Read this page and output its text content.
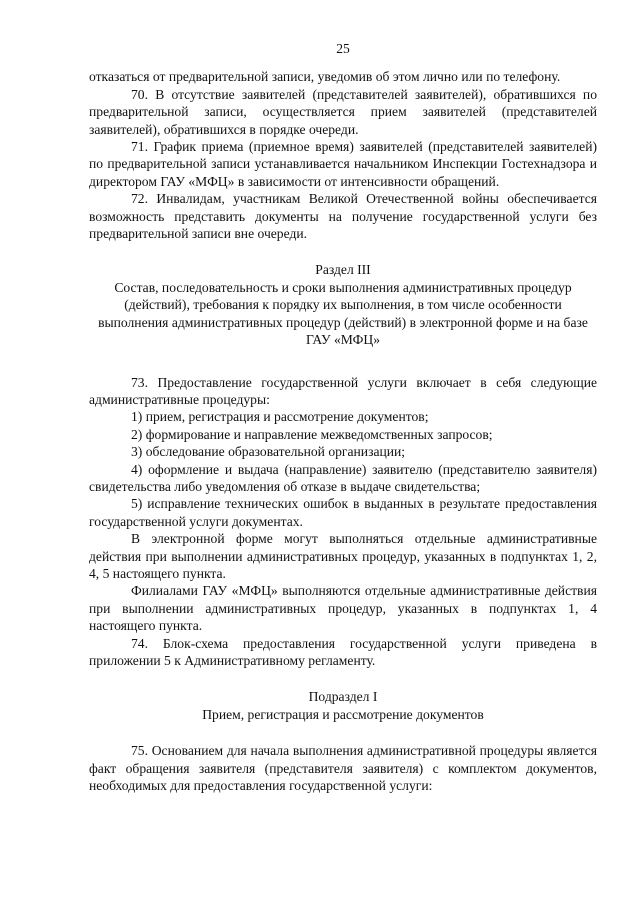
25

отказаться от предварительной записи, уведомив об этом лично или по телефону.

70. В отсутствие заявителей (представителей заявителей), обратившихся по предварительной записи, осуществляется прием заявителей (представителей заявителей), обратившихся в порядке очереди.

71. График приема (приемное время) заявителей (представителей заявителей) по предварительной записи устанавливается начальником Инспекции Гостехнадзора и директором ГАУ «МФЦ» в зависимости от интенсивности обращений.

72. Инвалидам, участникам Великой Отечественной войны обеспечивается возможность представить документы на получение государственной услуги без предварительной записи вне очереди.

Раздел III

Состав, последовательность и сроки выполнения административных процедур (действий), требования к порядку их выполнения, в том числе особенности выполнения административных процедур (действий) в электронной форме и на базе ГАУ «МФЦ»

73. Предоставление государственной услуги включает в себя следующие административные процедуры:

1) прием, регистрация и рассмотрение документов;

2) формирование и направление межведомственных запросов;

3) обследование образовательной организации;

4) оформление и выдача (направление) заявителю (представителю заявителя) свидетельства либо уведомления об отказе в выдаче свидетельства;

5) исправление технических ошибок в выданных в результате предоставления государственной услуги документах.

В электронной форме могут выполняться отдельные административные действия при выполнении административных процедур, указанных в подпунктах 1, 2, 4, 5 настоящего пункта.

Филиалами ГАУ «МФЦ» выполняются отдельные административные действия при выполнении административных процедур, указанных в подпунктах 1, 4 настоящего пункта.

74. Блок-схема предоставления государственной услуги приведена в приложении 5 к Административному регламенту.

Подраздел I

Прием, регистрация и рассмотрение документов

75. Основанием для начала выполнения административной процедуры является факт обращения заявителя (представителя заявителя) с комплектом документов, необходимых для предоставления государственной услуги:
